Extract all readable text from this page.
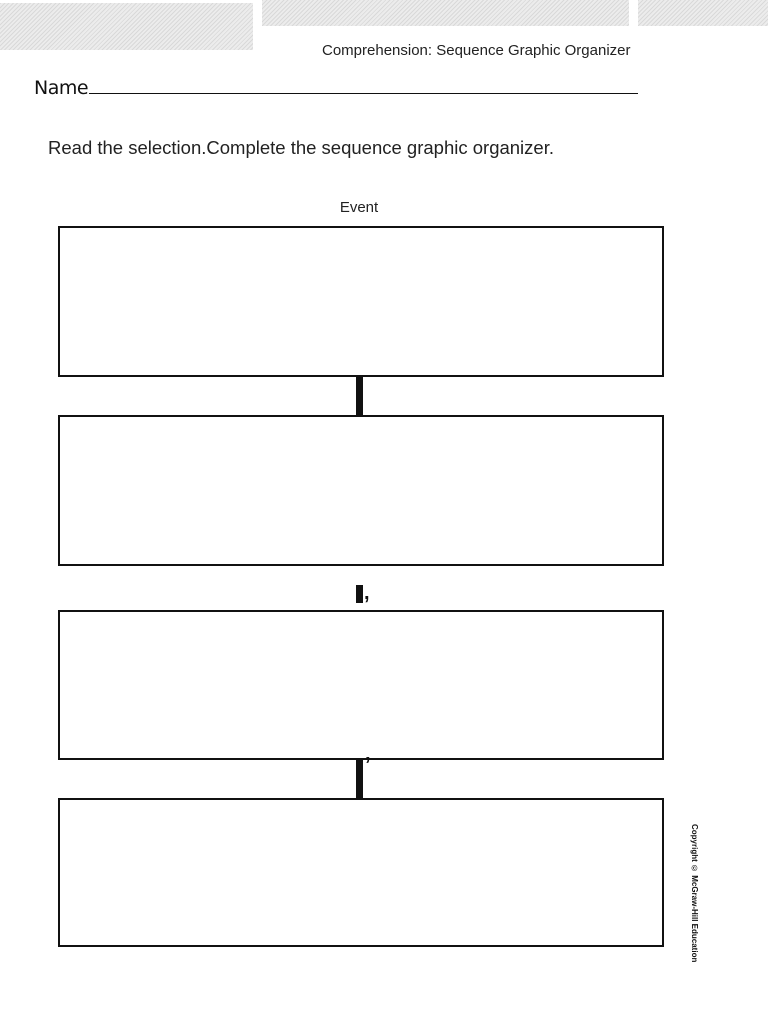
Comprehension: Sequence Graphic Organizer
Name
Read the selection.Complete the sequence graphic organizer.
Event
,
’
Copyright © McGraw-Hill Education
